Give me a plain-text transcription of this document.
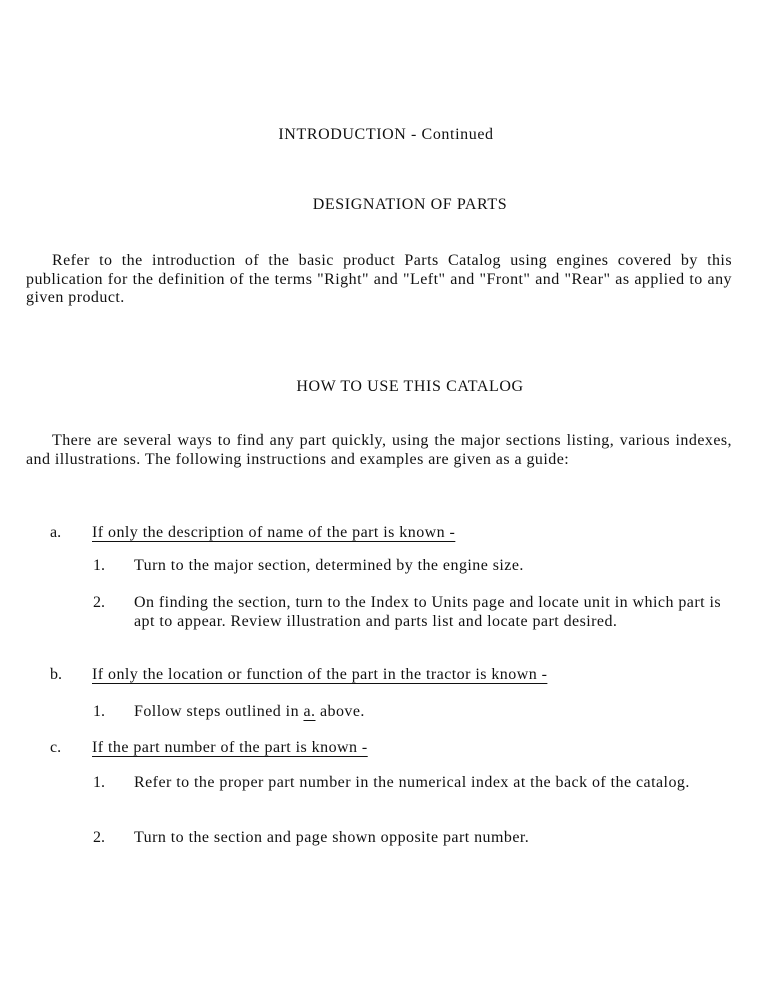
INTRODUCTION - Continued
DESIGNATION OF PARTS

Refer to the introduction of the basic product Parts Catalog using engines covered by this publication for the definition of the terms "Right" and "Left" and "Front" and "Rear" as applied to any given product.

HOW TO USE THIS CATALOG

There are several ways to find any part quickly, using the major sections listing, various indexes, and illustrations. The following instructions and examples are given as a guide:

a. If only the description of name of the part is known -
1. Turn to the major section, determined by the engine size.
2. On finding the section, turn to the Index to Units page and locate unit in which part is apt to appear. Review illustration and parts list and locate part desired.
b. If only the location or function of the part in the tractor is known -
1. Follow steps outlined in a. above.
c. If the part number of the part is known -
1. Refer to the proper part number in the numerical index at the back of the catalog.
2. Turn to the section and page shown opposite part number.
